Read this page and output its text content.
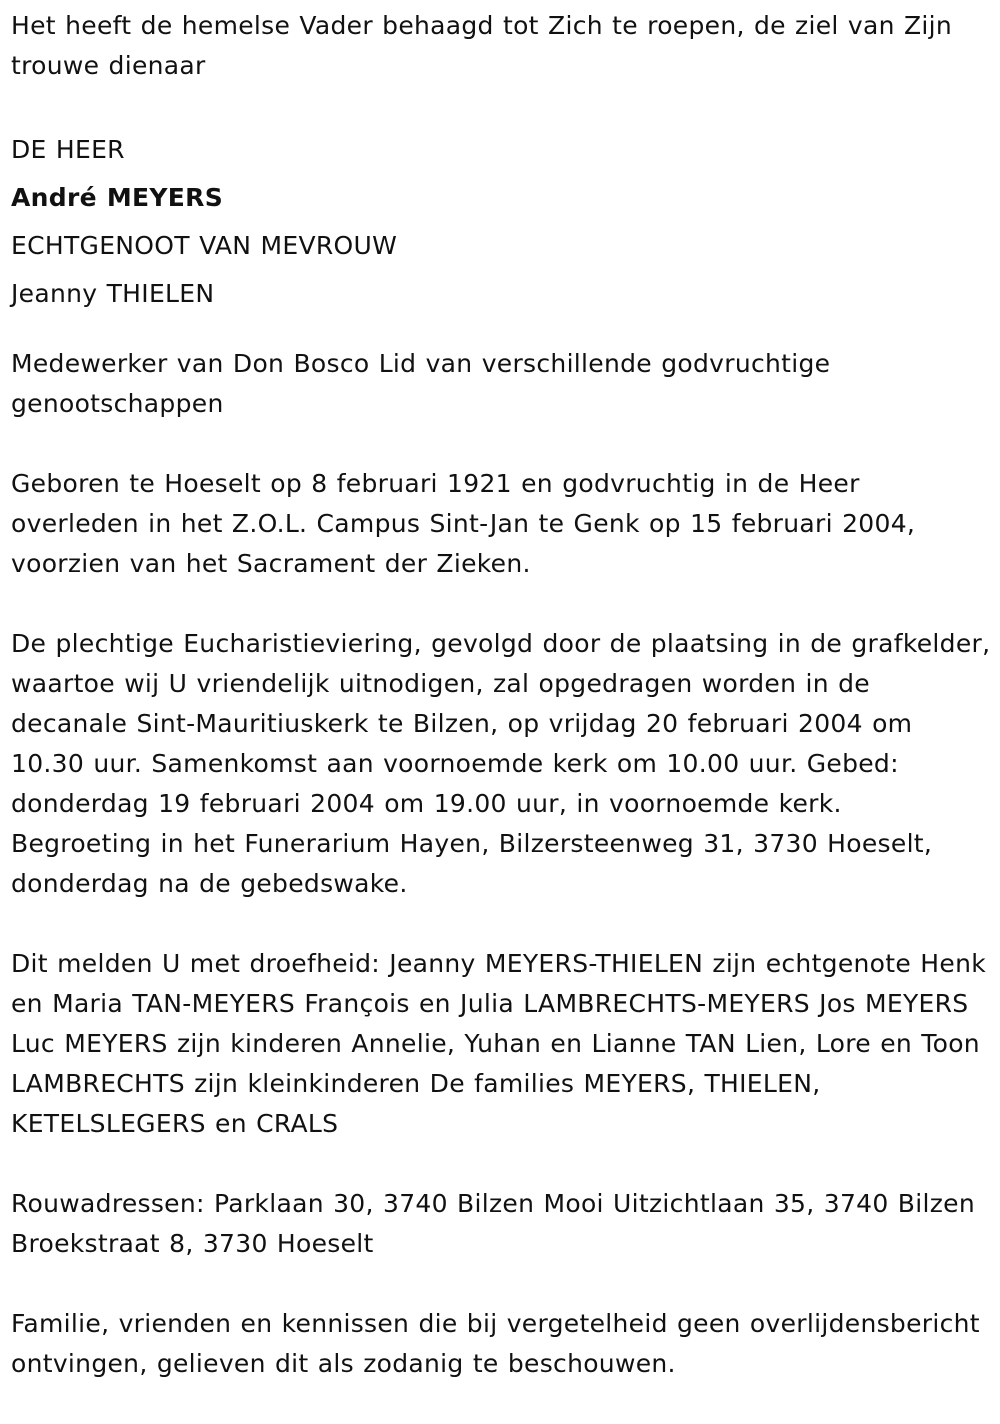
Het heeft de hemelse Vader behaagd tot Zich te roepen, de ziel van Zijn trouwe dienaar

DE HEER
André MEYERS
ECHTGENOOT VAN MEVROUW
Jeanny THIELEN

Medewerker van Don Bosco Lid van verschillende godvruchtige genootschappen

Geboren te Hoeselt op 8 februari 1921 en godvruchtig in de Heer overleden in het Z.O.L. Campus Sint-Jan te Genk op 15 februari 2004, voorzien van het Sacrament der Zieken.

De plechtige Eucharistieviering, gevolgd door de plaatsing in de grafkelder, waartoe wij U vriendelijk uitnodigen, zal opgedragen worden in de decanale Sint-Mauritiuskerk te Bilzen, op vrijdag 20 februari 2004 om 10.30 uur. Samenkomst aan voornoemde kerk om 10.00 uur. Gebed: donderdag 19 februari 2004 om 19.00 uur, in voornoemde kerk. Begroeting in het Funerarium Hayen, Bilzersteenweg 31, 3730 Hoeselt, donderdag na de gebedswake.

Dit melden U met droefheid: Jeanny MEYERS-THIELEN zijn echtgenote Henk en Maria TAN-MEYERS François en Julia LAMBRECHTS-MEYERS Jos MEYERS Luc MEYERS zijn kinderen Annelie, Yuhan en Lianne TAN Lien, Lore en Toon LAMBRECHTS zijn kleinkinderen De families MEYERS, THIELEN, KETELSLEGERS en CRALS

Rouwadressen: Parklaan 30, 3740 Bilzen Mooi Uitzichtlaan 35, 3740 Bilzen Broekstraat 8, 3730 Hoeselt

Familie, vrienden en kennissen die bij vergetelheid geen overlijdensbericht ontvingen, gelieven dit als zodanig te beschouwen.
